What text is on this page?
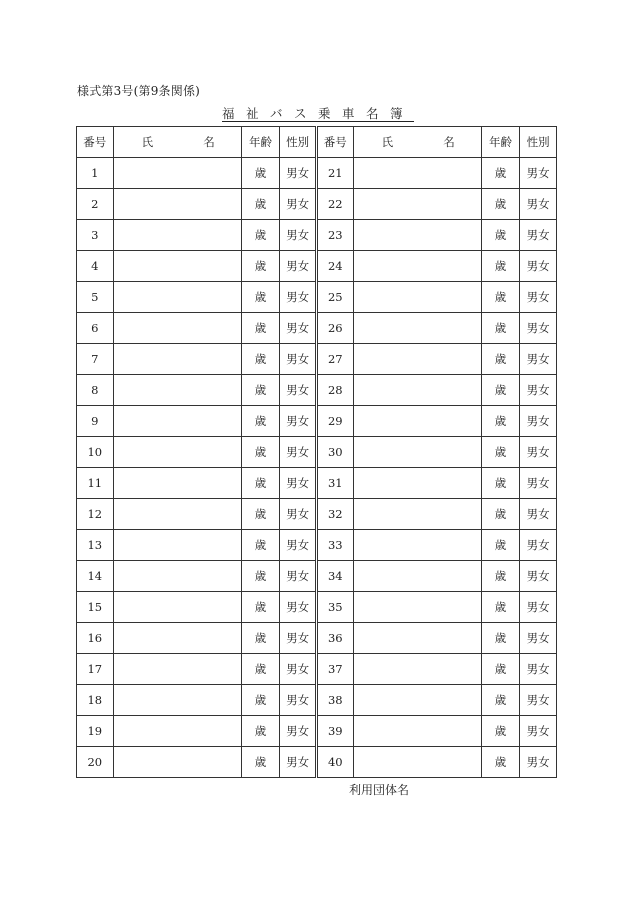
様式第3号(第9条関係)
福祉バス乗車名簿
番号	氏 名	年齢	性別	番号	氏 名	年齢	性別
1		歳	男女	21		歳	男女
2		歳	男女	22		歳	男女
3		歳	男女	23		歳	男女
4		歳	男女	24		歳	男女
5		歳	男女	25		歳	男女
6		歳	男女	26		歳	男女
7		歳	男女	27		歳	男女
8		歳	男女	28		歳	男女
9		歳	男女	29		歳	男女
10		歳	男女	30		歳	男女
11		歳	男女	31		歳	男女
12		歳	男女	32		歳	男女
13		歳	男女	33		歳	男女
14		歳	男女	34		歳	男女
15		歳	男女	35		歳	男女
16		歳	男女	36		歳	男女
17		歳	男女	37		歳	男女
18		歳	男女	38		歳	男女
19		歳	男女	39		歳	男女
20		歳	男女	40		歳	男女
利用団体名
